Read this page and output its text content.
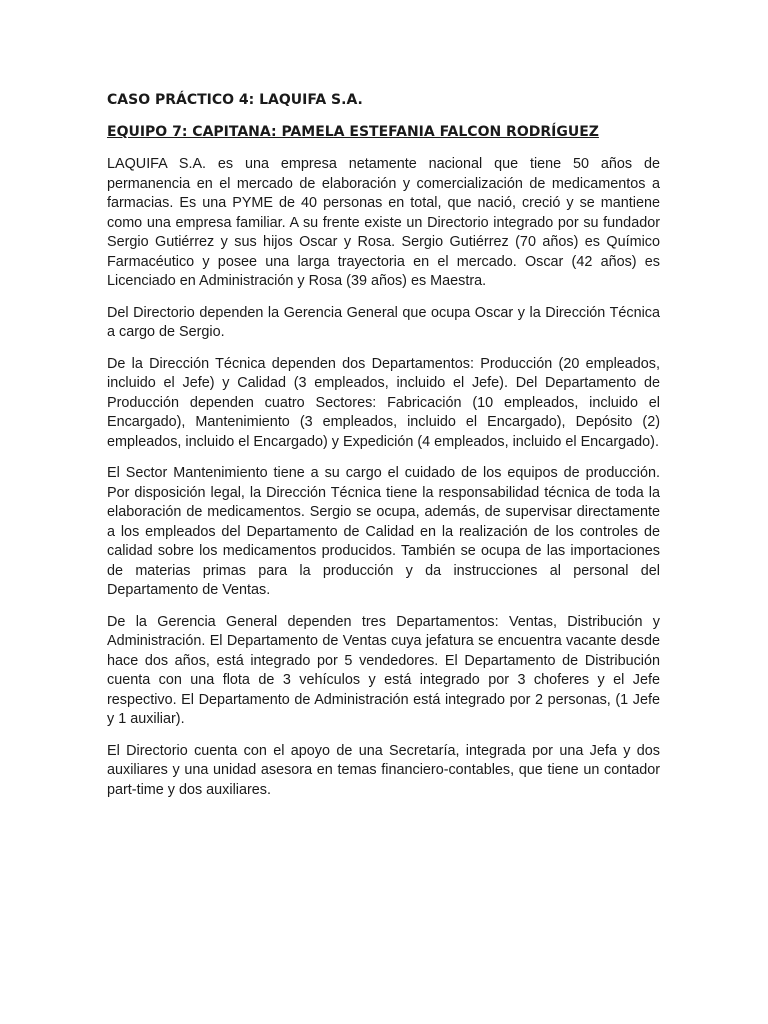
CASO PRÁCTICO 4: LAQUIFA S.A.

EQUIPO 7: CAPITANA: PAMELA ESTEFANIA FALCON RODRÍGUEZ

LAQUIFA S.A. es una empresa netamente nacional que tiene 50 años de permanencia en el mercado de elaboración y comercialización de medicamentos a farmacias. Es una PYME de 40 personas en total, que nació, creció y se mantiene como una empresa familiar. A su frente existe un Directorio integrado por su fundador Sergio Gutiérrez y sus hijos Oscar y Rosa. Sergio Gutiérrez (70 años) es Químico Farmacéutico y posee una larga trayectoria en el mercado. Oscar (42 años) es Licenciado en Administración y Rosa (39 años) es Maestra.

Del Directorio dependen la Gerencia General que ocupa Oscar y la Dirección Técnica a cargo de Sergio.

De la Dirección Técnica dependen dos Departamentos: Producción (20 empleados, incluido el Jefe) y Calidad (3 empleados, incluido el Jefe). Del Departamento de Producción dependen cuatro Sectores: Fabricación (10 empleados, incluido el Encargado), Mantenimiento (3 empleados, incluido el Encargado), Depósito (2) empleados, incluido el Encargado) y Expedición (4 empleados, incluido el Encargado).

El Sector Mantenimiento tiene a su cargo el cuidado de los equipos de producción. Por disposición legal, la Dirección Técnica tiene la responsabilidad técnica de toda la elaboración de medicamentos. Sergio se ocupa, además, de supervisar directamente a los empleados del Departamento de Calidad en la realización de los controles de calidad sobre los medicamentos producidos. También se ocupa de las importaciones de materias primas para la producción y da instrucciones al personal del Departamento de Ventas.

De la Gerencia General dependen tres Departamentos: Ventas, Distribución y Administración. El Departamento de Ventas cuya jefatura se encuentra vacante desde hace dos años, está integrado por 5 vendedores. El Departamento de Distribución cuenta con una flota de 3 vehículos y está integrado por 3 choferes y el Jefe respectivo. El Departamento de Administración está integrado por 2 personas, (1 Jefe y 1 auxiliar).

El Directorio cuenta con el apoyo de una Secretaría, integrada por una Jefa y dos auxiliares y una unidad asesora en temas financiero-contables, que tiene un contador part-time y dos auxiliares.
